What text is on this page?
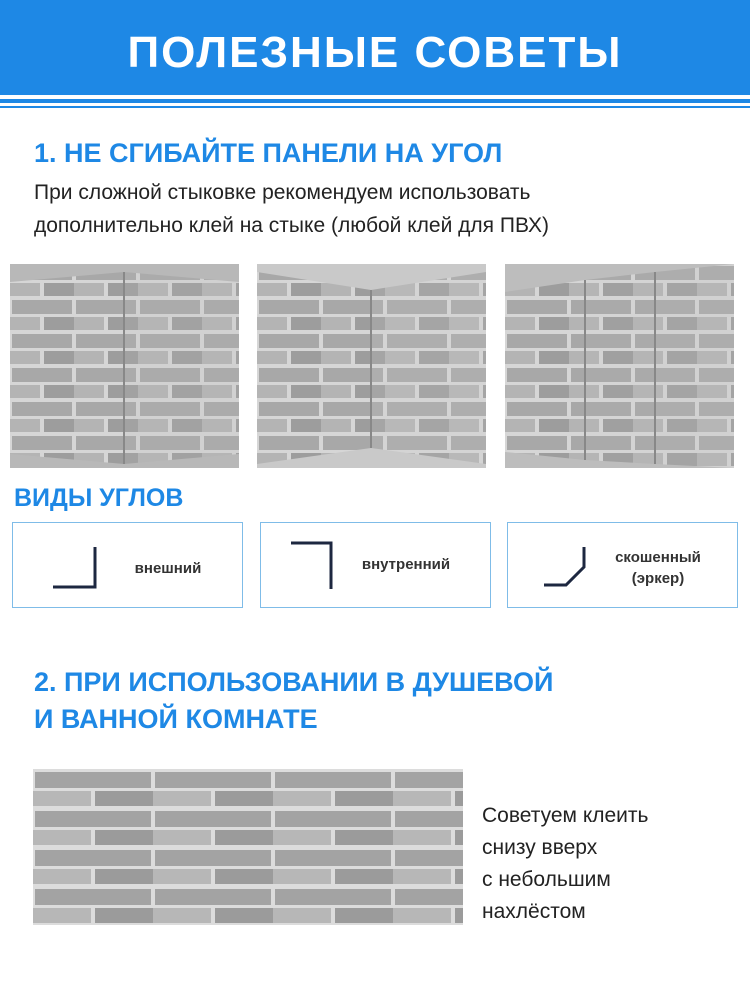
ПОЛЕЗНЫЕ СОВЕТЫ
1. НЕ СГИБАЙТЕ ПАНЕЛИ НА УГОЛ
При сложной стыковке рекомендуем использовать
дополнительно клей на стыке (любой клей для ПВХ)
ВИДЫ УГЛОВ
внешний	внутренний	скошенный
(эркер)
2. ПРИ ИСПОЛЬЗОВАНИИ В ДУШЕВОЙ
И ВАННОЙ КОМНАТЕ
Советуем клеить
снизу вверх
с небольшим
нахлёстом
